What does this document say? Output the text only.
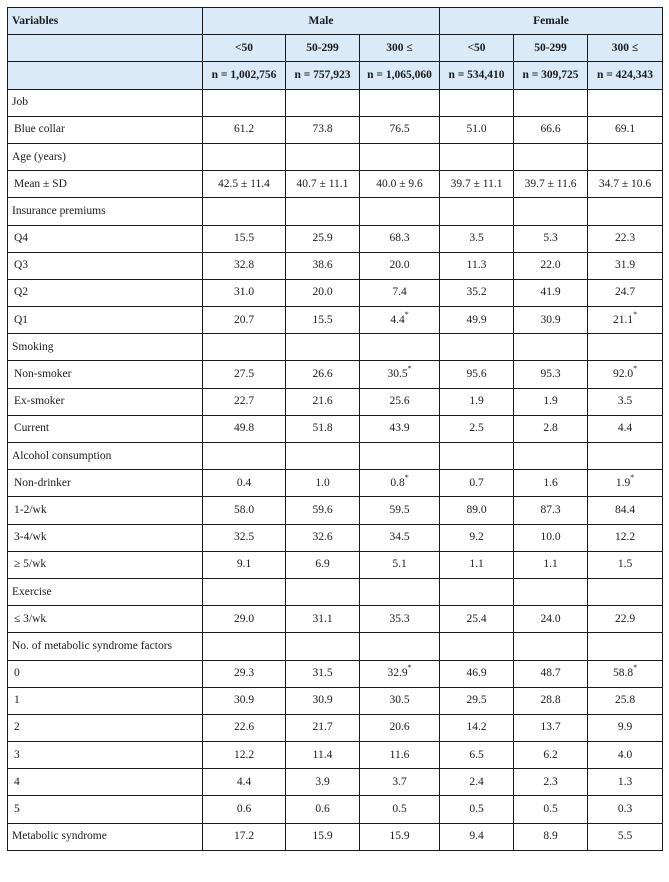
Variables	Male			Female		
	<50	50-299	300 ≤	<50	50-299	300 ≤
	n = 1,002,756	n = 757,923	n = 1,065,060	n = 534,410	n = 309,725	n = 424,343
Job						
Blue collar	61.2	73.8	76.5	51.0	66.6	69.1
Age (years)						
Mean ± SD	42.5 ± 11.4	40.7 ± 11.1	40.0 ± 9.6	39.7 ± 11.1	39.7 ± 11.6	34.7 ± 10.6
Insurance premiums						
Q4	15.5	25.9	68.3	3.5	5.3	22.3
Q3	32.8	38.6	20.0	11.3	22.0	31.9
Q2	31.0	20.0	7.4	35.2	41.9	24.7
Q1	20.7	15.5	4.4*	49.9	30.9	21.1*
Smoking						
Non-smoker	27.5	26.6	30.5*	95.6	95.3	92.0*
Ex-smoker	22.7	21.6	25.6	1.9	1.9	3.5
Current	49.8	51.8	43.9	2.5	2.8	4.4
Alcohol consumption						
Non-drinker	0.4	1.0	0.8*	0.7	1.6	1.9*
1-2/wk	58.0	59.6	59.5	89.0	87.3	84.4
3-4/wk	32.5	32.6	34.5	9.2	10.0	12.2
≥ 5/wk	9.1	6.9	5.1	1.1	1.1	1.5
Exercise						
≤ 3/wk	29.0	31.1	35.3	25.4	24.0	22.9
No. of metabolic syndrome factors						
0	29.3	31.5	32.9*	46.9	48.7	58.8*
1	30.9	30.9	30.5	29.5	28.8	25.8
2	22.6	21.7	20.6	14.2	13.7	9.9
3	12.2	11.4	11.6	6.5	6.2	4.0
4	4.4	3.9	3.7	2.4	2.3	1.3
5	0.6	0.6	0.5	0.5	0.5	0.3
Metabolic syndrome	17.2	15.9	15.9	9.4	8.9	5.5
